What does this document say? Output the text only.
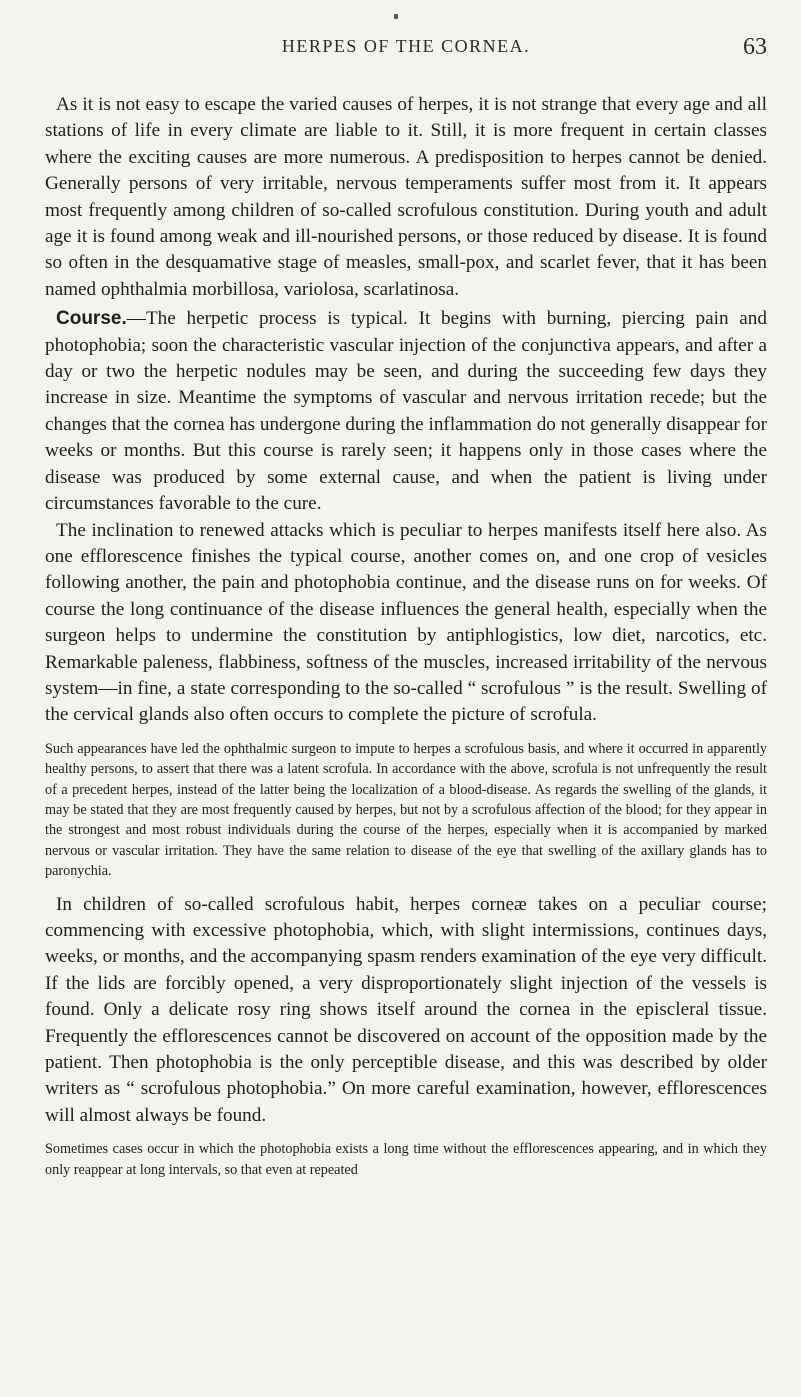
HERPES OF THE CORNEA.	63

As it is not easy to escape the varied causes of herpes, it is not strange that every age and all stations of life in every climate are liable to it. Still, it is more frequent in certain classes where the exciting causes are more numerous. A predisposition to herpes cannot be denied. Generally persons of very irritable, nervous temperaments suffer most from it. It appears most frequently among children of so-called scrofulous constitution. During youth and adult age it is found among weak and ill-nourished persons, or those reduced by disease. It is found so often in the desquamative stage of measles, small-pox, and scarlet fever, that it has been named ophthalmia morbillosa, variolosa, scarlatinosa.

Course.—The herpetic process is typical. It begins with burning, piercing pain and photophobia; soon the characteristic vascular injection of the conjunctiva appears, and after a day or two the herpetic nodules may be seen, and during the succeeding few days they increase in size. Meantime the symptoms of vascular and nervous irritation recede; but the changes that the cornea has undergone during the inflammation do not generally disappear for weeks or months. But this course is rarely seen; it happens only in those cases where the disease was produced by some external cause, and when the patient is living under circumstances favorable to the cure.

The inclination to renewed attacks which is peculiar to herpes manifests itself here also. As one efflorescence finishes the typical course, another comes on, and one crop of vesicles following another, the pain and photophobia continue, and the disease runs on for weeks. Of course the long continuance of the disease influences the general health, especially when the surgeon helps to undermine the constitution by antiphlogistics, low diet, narcotics, etc. Remarkable paleness, flabbiness, softness of the muscles, increased irritability of the nervous system—in fine, a state corresponding to the so-called “ scrofulous ” is the result. Swelling of the cervical glands also often occurs to complete the picture of scrofula.

Such appearances have led the ophthalmic surgeon to impute to herpes a scrofulous basis, and where it occurred in apparently healthy persons, to assert that there was a latent scrofula. In accordance with the above, scrofula is not unfrequently the result of a precedent herpes, instead of the latter being the localization of a blood-disease. As regards the swelling of the glands, it may be stated that they are most frequently caused by herpes, but not by a scrofulous affection of the blood; for they appear in the strongest and most robust individuals during the course of the herpes, especially when it is accompanied by marked nervous or vascular irritation. They have the same relation to disease of the eye that swelling of the axillary glands has to paronychia.

In children of so-called scrofulous habit, herpes corneæ takes on a peculiar course; commencing with excessive photophobia, which, with slight intermissions, continues days, weeks, or months, and the accompanying spasm renders examination of the eye very difficult. If the lids are forcibly opened, a very disproportionately slight injection of the vessels is found. Only a delicate rosy ring shows itself around the cornea in the episcleral tissue. Frequently the efflorescences cannot be discovered on account of the opposition made by the patient. Then photophobia is the only perceptible disease, and this was described by older writers as “ scrofulous photophobia.” On more careful examination, however, efflorescences will almost always be found.

Sometimes cases occur in which the photophobia exists a long time without the efflorescences appearing, and in which they only reappear at long intervals, so that even at repeated
